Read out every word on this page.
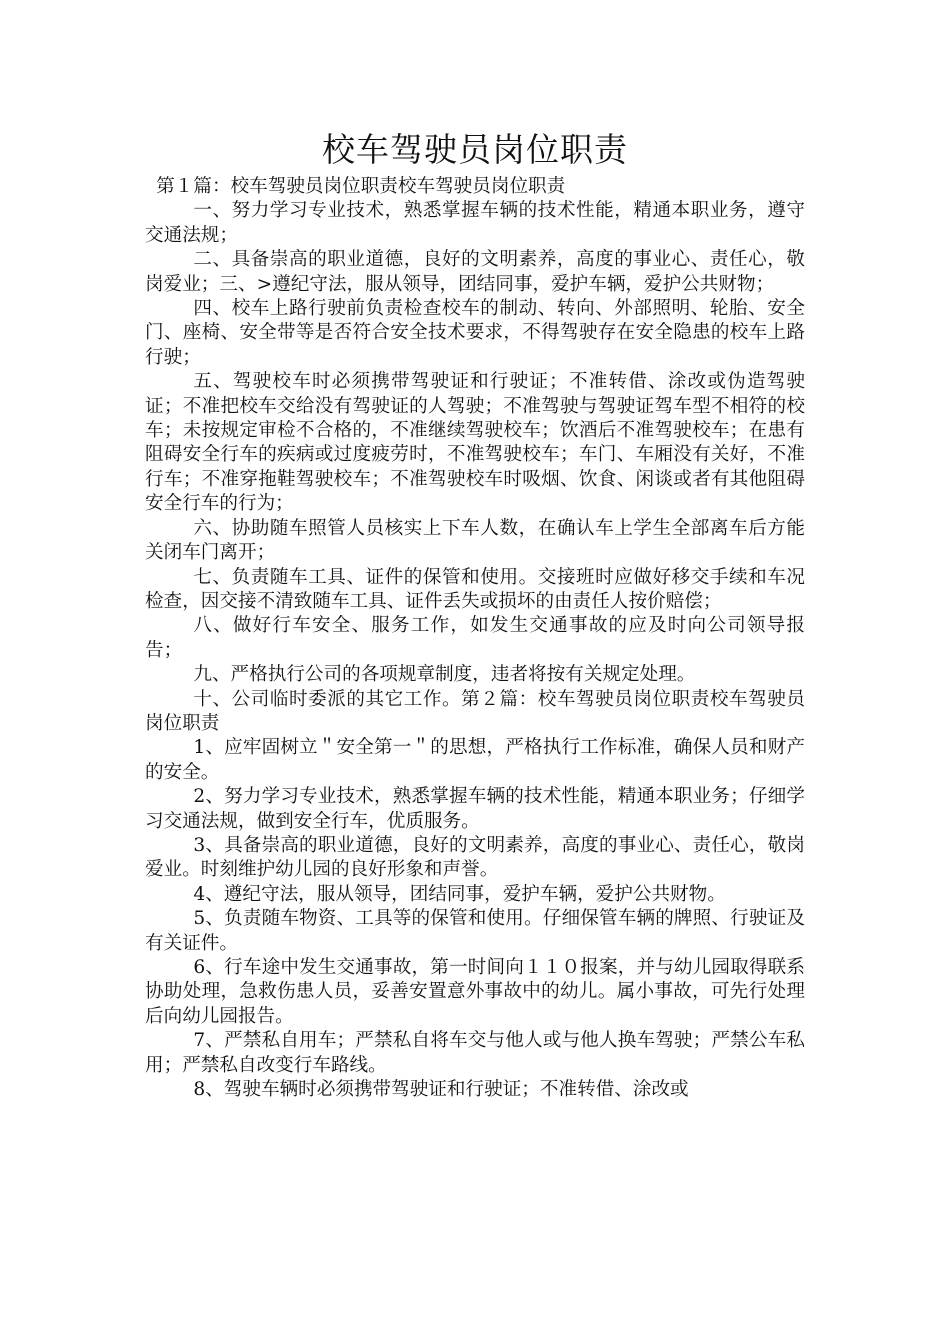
校车驾驶员岗位职责

第１篇：校车驾驶员岗位职责校车驾驶员岗位职责

一、努力学习专业技术，熟悉掌握车辆的技术性能，精通本职业务，遵守交通法规；

二、具备崇高的职业道德，良好的文明素养，高度的事业心、责任心，敬岗爱业；三、>遵纪守法，服从领导，团结同事，爱护车辆，爱护公共财物；

四、校车上路行驶前负责检查校车的制动、转向、外部照明、轮胎、安全门、座椅、安全带等是否符合安全技术要求，不得驾驶存在安全隐患的校车上路行驶；

五、驾驶校车时必须携带驾驶证和行驶证；不准转借、涂改或伪造驾驶证；不准把校车交给没有驾驶证的人驾驶；不准驾驶与驾驶证驾车型不相符的校车；未按规定审检不合格的，不准继续驾驶校车；饮酒后不准驾驶校车；在患有阻碍安全行车的疾病或过度疲劳时，不准驾驶校车；车门、车厢没有关好，不准行车；不准穿拖鞋驾驶校车；不准驾驶校车时吸烟、饮食、闲谈或者有其他阻碍安全行车的行为；

六、协助随车照管人员核实上下车人数，在确认车上学生全部离车后方能关闭车门离开；

七、负责随车工具、证件的保管和使用。交接班时应做好移交手续和车况检查，因交接不清致随车工具、证件丢失或损坏的由责任人按价赔偿；

八、做好行车安全、服务工作，如发生交通事故的应及时向公司领导报告；

九、严格执行公司的各项规章制度，违者将按有关规定处理。

十、公司临时委派的其它工作。第２篇：校车驾驶员岗位职责校车驾驶员岗位职责

1、应牢固树立＂安全第一＂的思想，严格执行工作标准，确保人员和财产的安全。

2、努力学习专业技术，熟悉掌握车辆的技术性能，精通本职业务；仔细学习交通法规，做到安全行车，优质服务。

3、具备崇高的职业道德，良好的文明素养，高度的事业心、责任心，敬岗爱业。时刻维护幼儿园的良好形象和声誉。

4、遵纪守法，服从领导，团结同事，爱护车辆，爱护公共财物。

5、负责随车物资、工具等的保管和使用。仔细保管车辆的牌照、行驶证及有关证件。

6、行车途中发生交通事故，第一时间向１１０报案，并与幼儿园取得联系协助处理，急救伤患人员，妥善安置意外事故中的幼儿。属小事故，可先行处理后向幼儿园报告。

7、严禁私自用车；严禁私自将车交与他人或与他人换车驾驶；严禁公车私用；严禁私自改变行车路线。

8、驾驶车辆时必须携带驾驶证和行驶证；不准转借、涂改或
